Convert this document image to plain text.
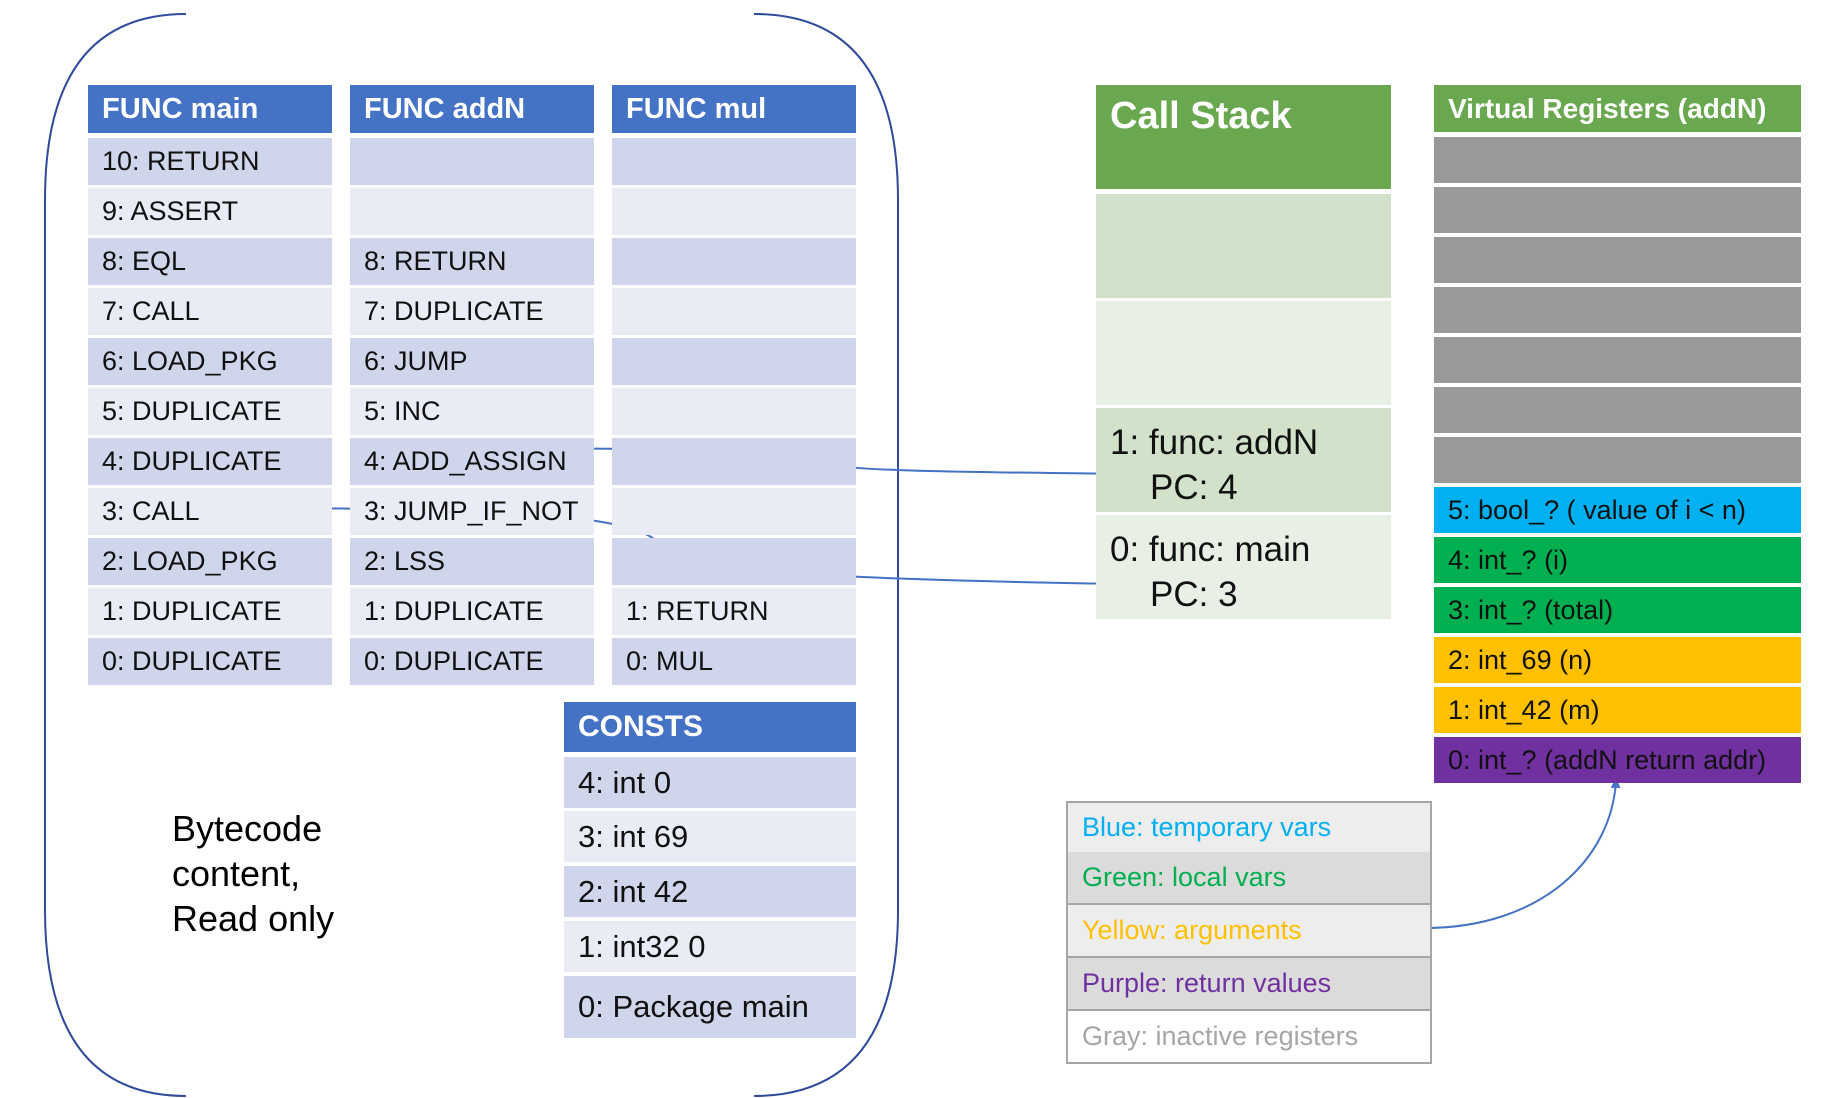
FUNC main
10: RETURN
9: ASSERT
8: EQL
7: CALL
6: LOAD_PKG
5: DUPLICATE
4: DUPLICATE
3: CALL
2: LOAD_PKG
1: DUPLICATE
0: DUPLICATE
FUNC addN
8: RETURN
7: DUPLICATE
6: JUMP
5: INC
4: ADD_ASSIGN
3: JUMP_IF_NOT
2: LSS
1: DUPLICATE
0: DUPLICATE
FUNC mul
1: RETURN
0: MUL
CONSTS
4: int 0
3: int 69
2: int 42
1: int32 0
0: Package main
Bytecode
content,
Read only
Call Stack
1: func: addN
PC: 4
0: func: main
PC: 3
Virtual Registers (addN)
5: bool_? ( value of i < n)
4: int_? (i)
3: int_? (total)
2: int_69 (n)
1: int_42 (m)
0: int_? (addN return addr)
Blue: temporary vars
Green: local vars
Yellow: arguments
Purple: return values
Gray: inactive registers
